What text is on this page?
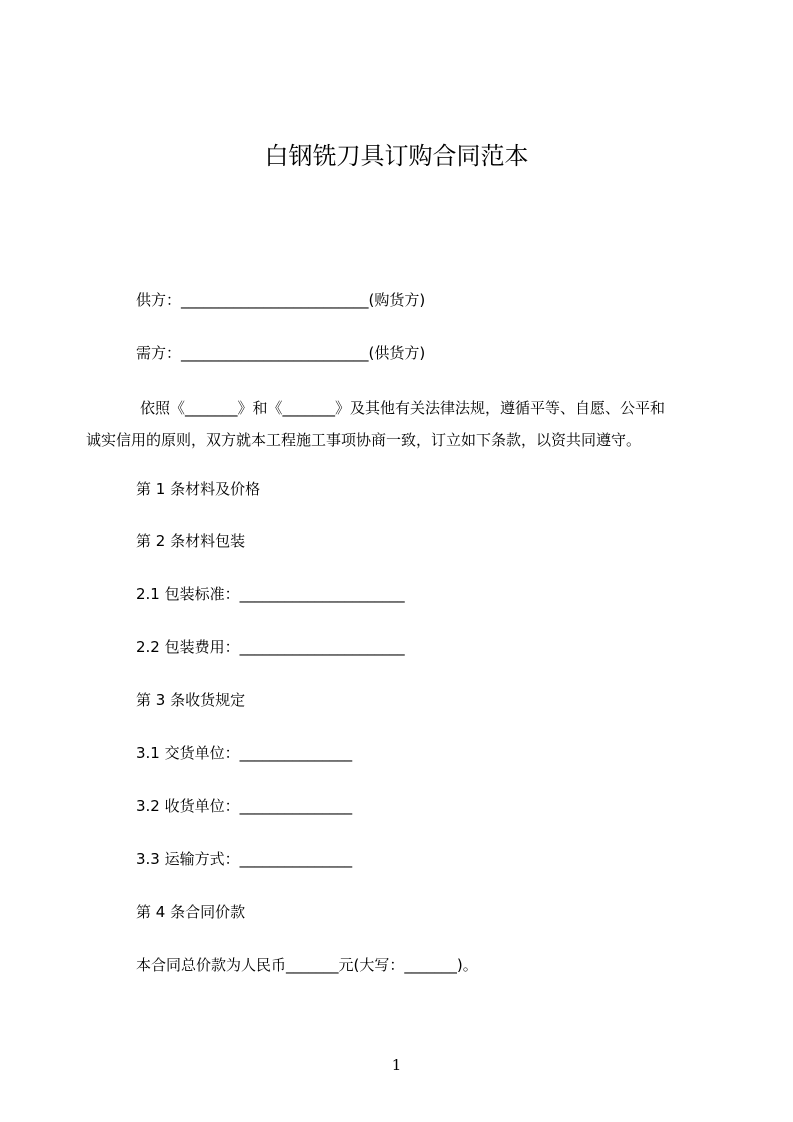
白钢铣刀具订购合同范本
供方：_________________________(购货方)
需方：_________________________(供货方)
依照《_______》和《_______》及其他有关法律法规，遵循平等、自愿、公平和
诚实信用的原则，双方就本工程施工事项协商一致，订立如下条款，以资共同遵守。
第 1 条材料及价格
第 2 条材料包装
2.1 包装标准：______________________
2.2 包装费用：______________________
第 3 条收货规定
3.1 交货单位：_______________
3.2 收货单位：_______________
3.3 运输方式：_______________
第 4 条合同价款
本合同总价款为人民币_______元(大写：_______)。
1
